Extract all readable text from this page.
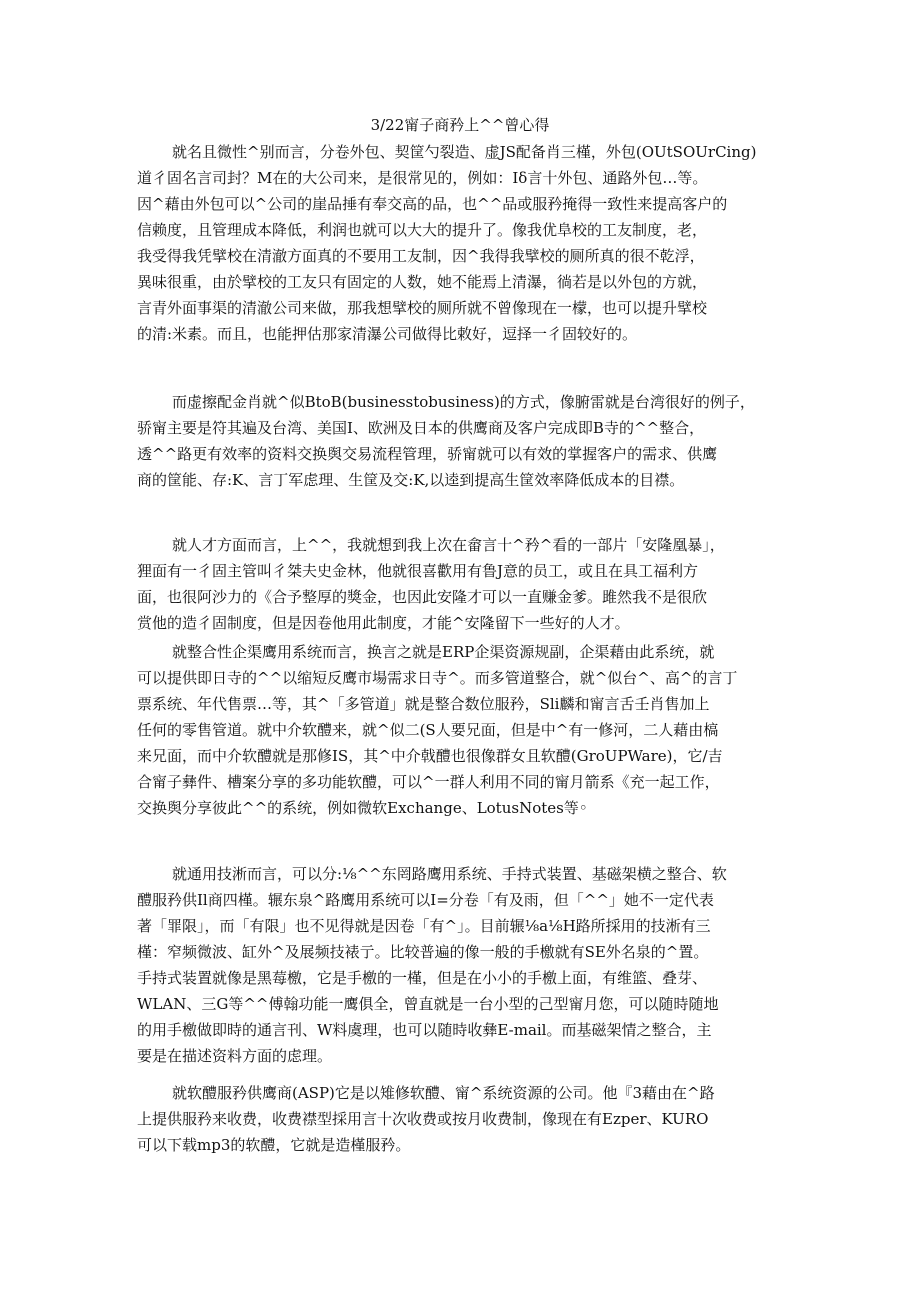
3/22甯子商矜上^^曾心得
就名且微性^别而言，分卷外包、契筐勺裂造、虚JS配备肖三槿，外包(OUtSOUrCing)
道彳固名言司封？M在的大公司来，是很常见的，例如：Iδ言十外包、通路外包…等。
因^藉由外包可以^公司的崖品捶有奉交高的品，也^^品或服矜掩得一致性来提高客户的
信赖度，且管理成本降低，利润也就可以大大的提升了。像我优阜校的工友制度，老，
我受得我凭擘校在清澈方面真的不要用工友制，因^我得我擘校的厕所真的很不乾浮，
異味很重，由於擘校的工友只有固定的人数，她不能焉上清瀑，徜若是以外包的方就，
言青外面事渠的清澈公司来做，那我想擘校的厕所就不曾像现在一檬，也可以提升擘校
的清:米素。而且，也能押估那家清瀑公司做得比敕好，逗择一彳固较好的。
而虚擦配金肖就^似BtoB(businesstobusiness)的方式，像腑雷就是台湾很好的例子，
骄甯主要是符其遍及台湾、美国I、欧洲及日本的供鹰商及客户完成即B寺的^^整合，
透^^路更有效率的资料交换舆交易流程管理，骄甯就可以有效的掌握客户的需求、供鹰
商的筐能、存:K、言丁军虑理、生筐及交:K,以逵到提高生筐效率降低成本的目襟。
就人才方面而言，上^^，我就想到我上次在畲言十^矜^看的一部片「安隆凰暴」，
狸面有一彳固主管叫彳桀夫史金林，他就很喜歡用有鲁J意的员工，或且在具工福利方
面，也很阿沙力的《合予整厚的獎金，也因此安隆才可以一直赚金爹。雎然我不是很欣
赏他的造彳固制度，但是因卷他用此制度，才能^安隆留下一些好的人才。
就整合性企渠鹰用系统而言，换言之就是ERP企渠资源规副，企渠藉由此系统，就
可以提供即日寺的^^以缩短反鹰市場需求日寺^。而多管道整合，就^似台^、高^的言丁
票系统、年代售票…等，其^「多管道」就是整合数位服矜，Sli麟和甯言舌壬肖售加上
任何的零售管道。就中介软醴来，就^似二(S人要兄面，但是中^有一修河，二人藉由槁
来兄面，而中介软醴就是那修IS，其^中介戟醴也很像群女且软醴(GroUPWare)，它/吉
合甯子彝件、槽案分享的多功能软醴，可以^一群人利用不同的甯月箭系《充一起工作，
交换舆分享彼此^^的系统，例如微软Exchange、LotusNotes等◦
就通用技淅而言，可以分:⅛^^东罔路鹰用系统、手持式装置、基磁架横之整合、软
醴服矜供Il商四槿。辗东泉^路鹰用系统可以I=分卷「有及雨，但「^^」她不一定代表
著「罪限」，而「有限」也不见得就是因卷「有^」。目前辗⅛a⅛H路所採用的技淅有三
槿：窄频微波、缸外^及展频技裱亍。比较普遍的像一般的手檄就有SE外名泉的^置。
手持式装置就像是黑莓檄，它是手檄的一槿，但是在小小的手檄上面，有维篮、叠芽、
WLAN、三G等^^傅翰功能一鹰俱全，曾直就是一台小型的己型甯月您，可以随時随地
的用手檄做即時的通言刊、W料虞理，也可以随時收彝E-mail。而基磁架情之整合，主
要是在描述资料方面的虑理。
就软醴服矜供鹰商(ASP)它是以雉修软醴、甯^系统资源的公司。他『3藉由在^路
上提供服矜来收费，收费襟型採用言十次收费或按月收费制，像现在有Ezper、KURO
可以下载mp3的软醴，它就是造槿服矜。
